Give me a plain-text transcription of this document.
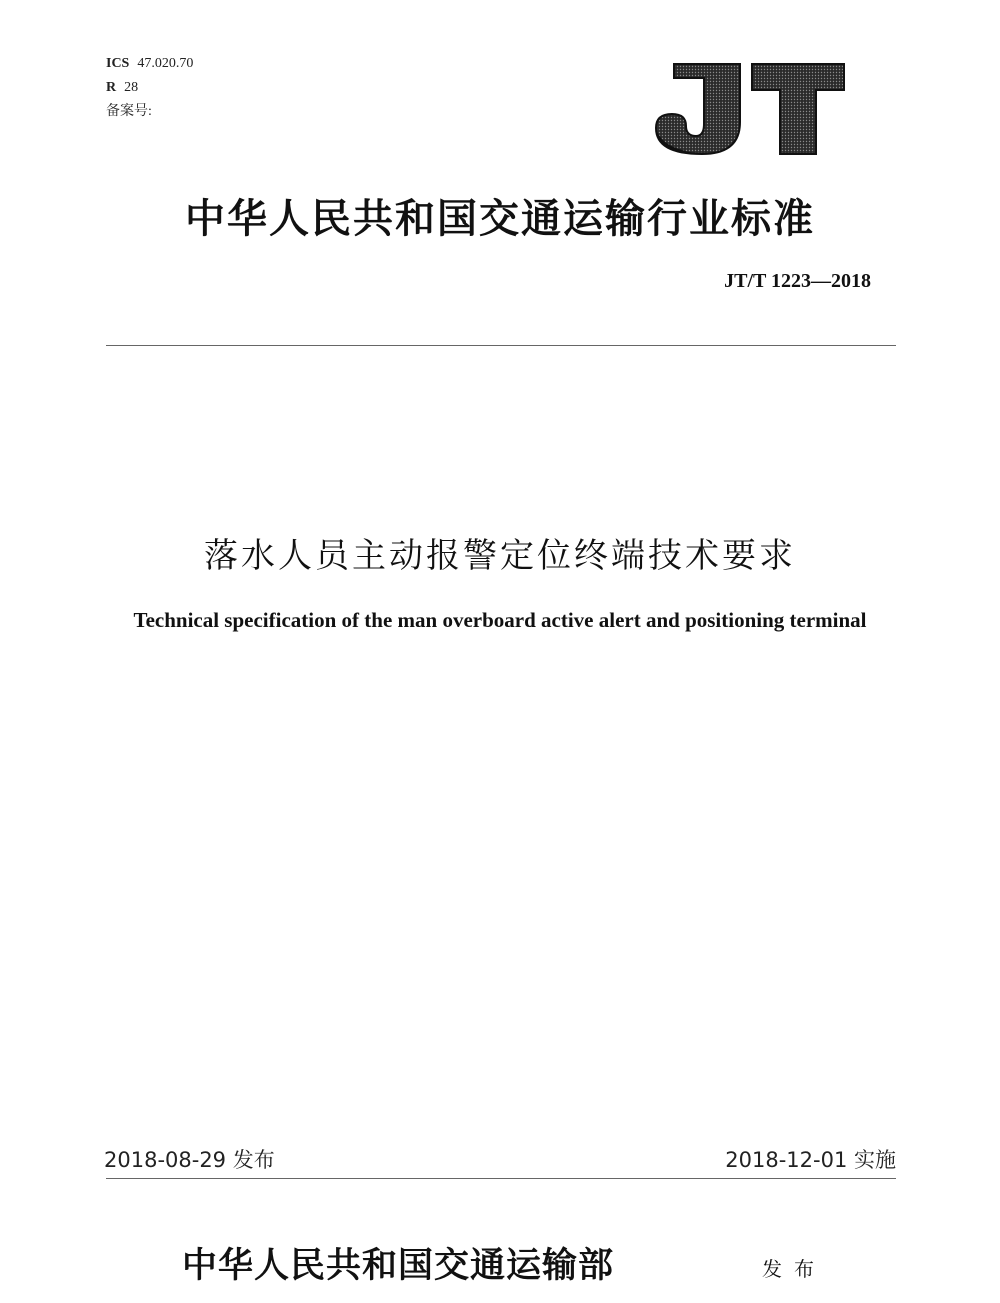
ICS 47.020.70
R 28
备案号:
中华人民共和国交通运输行业标准
JT/T 1223—2018
落水人员主动报警定位终端技术要求
Technical specification of the man overboard active alert and positioning terminal
2018-08-29 发布	2018-12-01 实施
中华人民共和国交通运输部	发布
